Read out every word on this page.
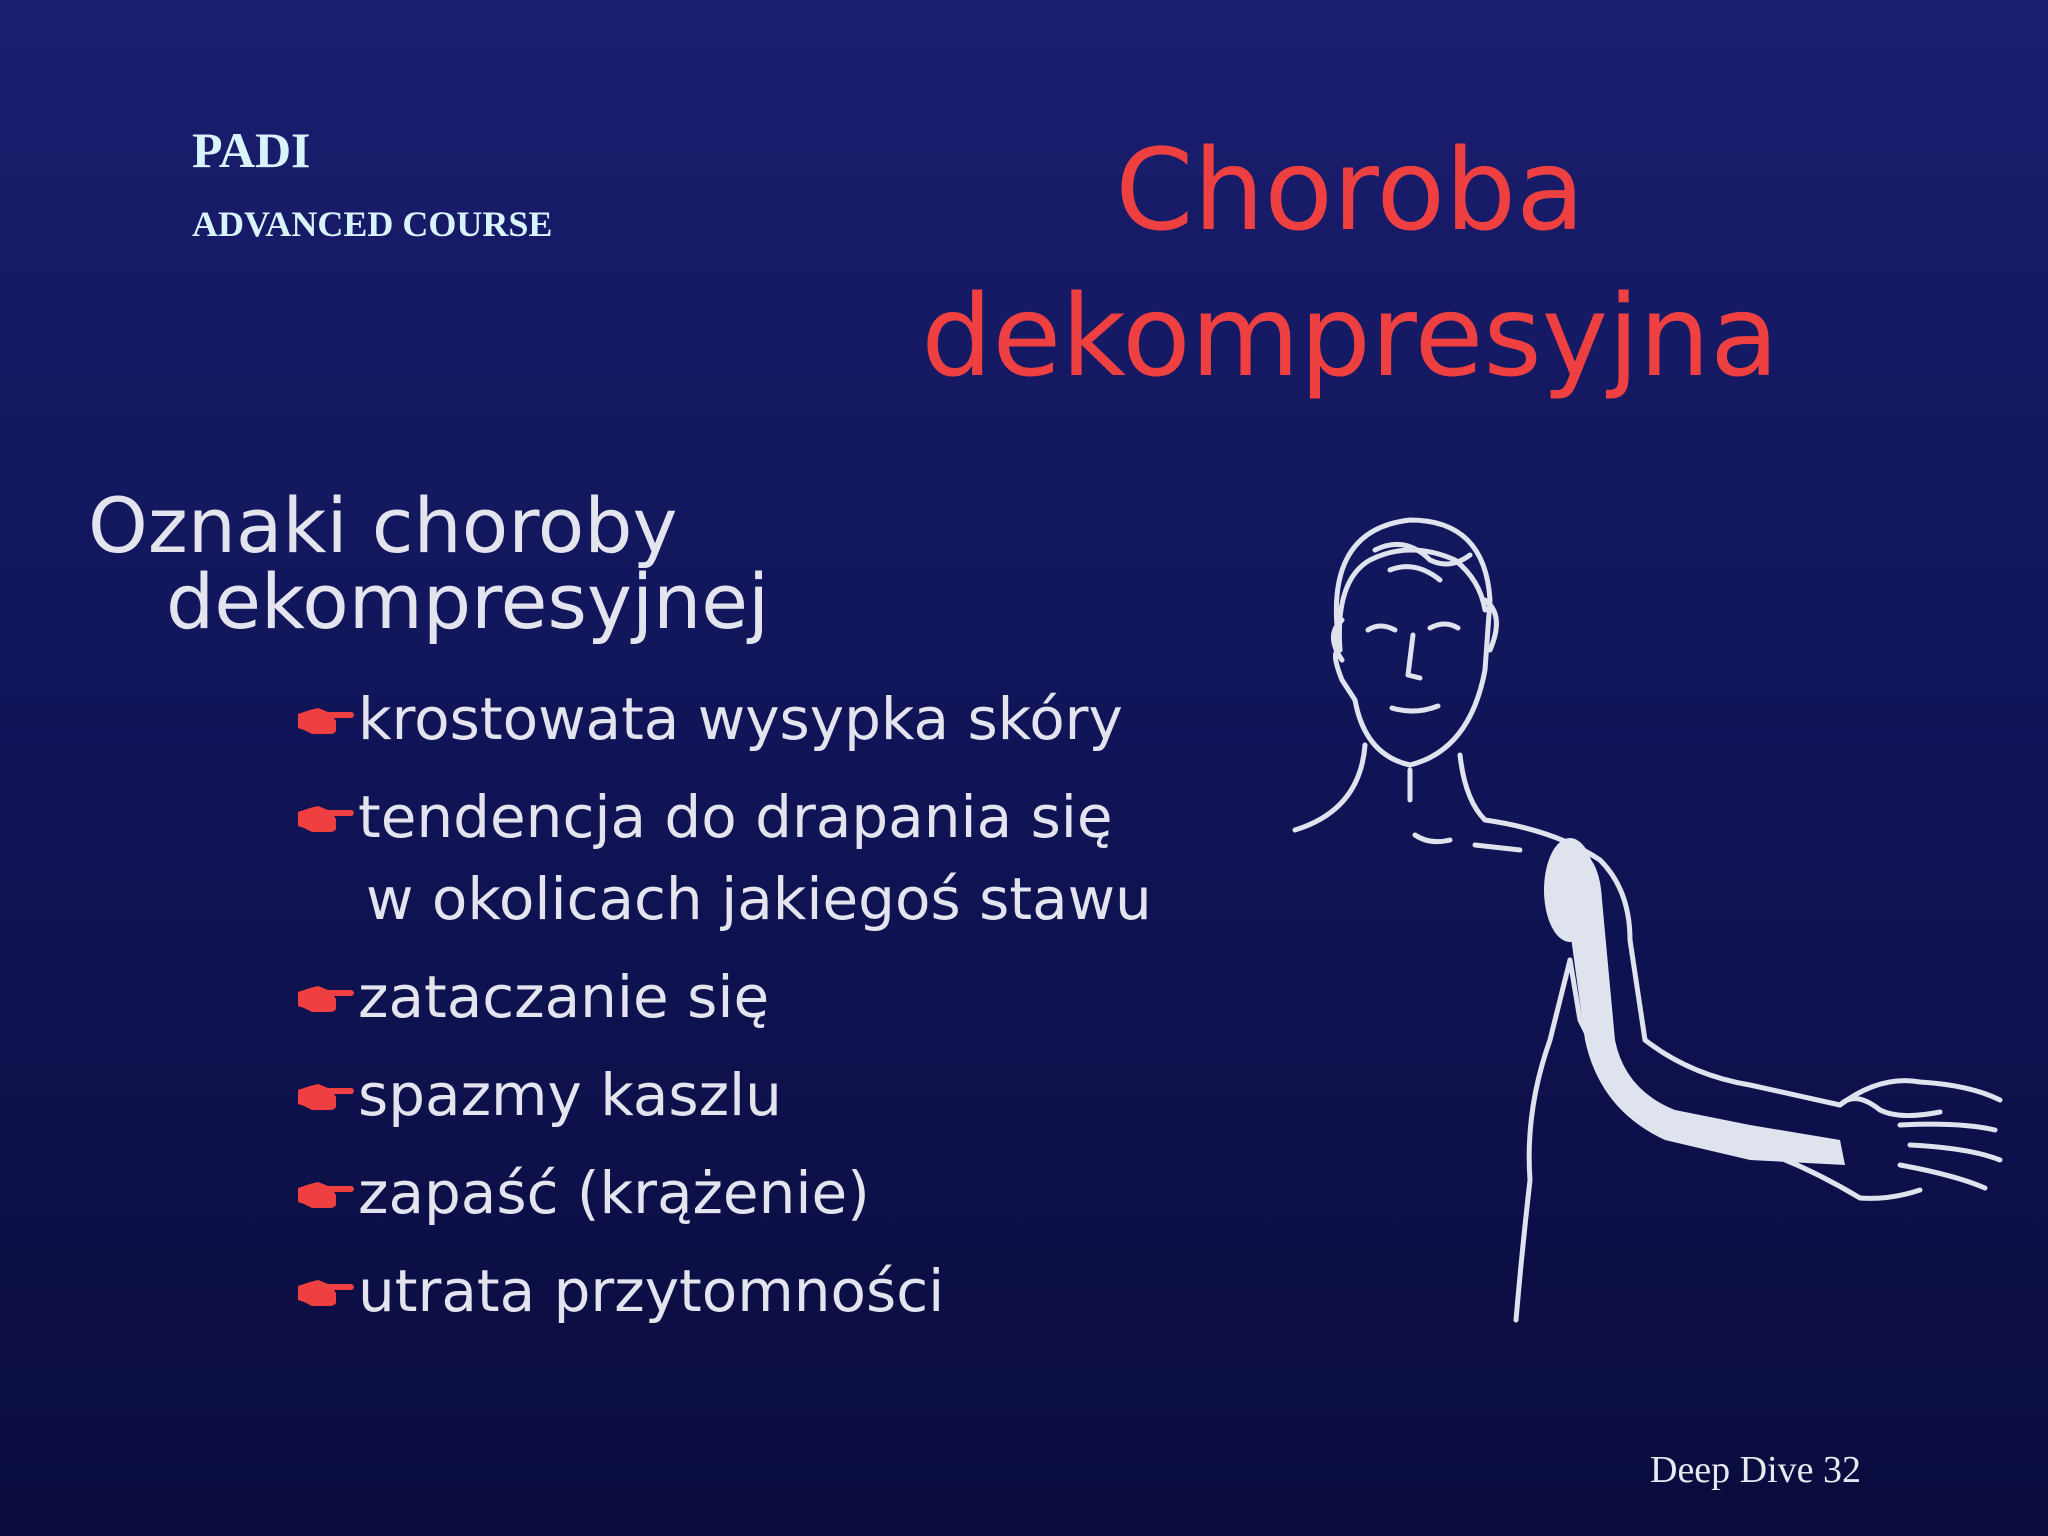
PADI
ADVANCED COURSE	Choroba
dekompresyjna
Oznaki choroby
dekompresyjnej
krostowata wysypka skóry
tendencja do drapania się
w okolicach jakiegoś stawu
zataczanie się
spazmy kaszlu
zapaść (krążenie)
utrata przytomności
Deep Dive 32
